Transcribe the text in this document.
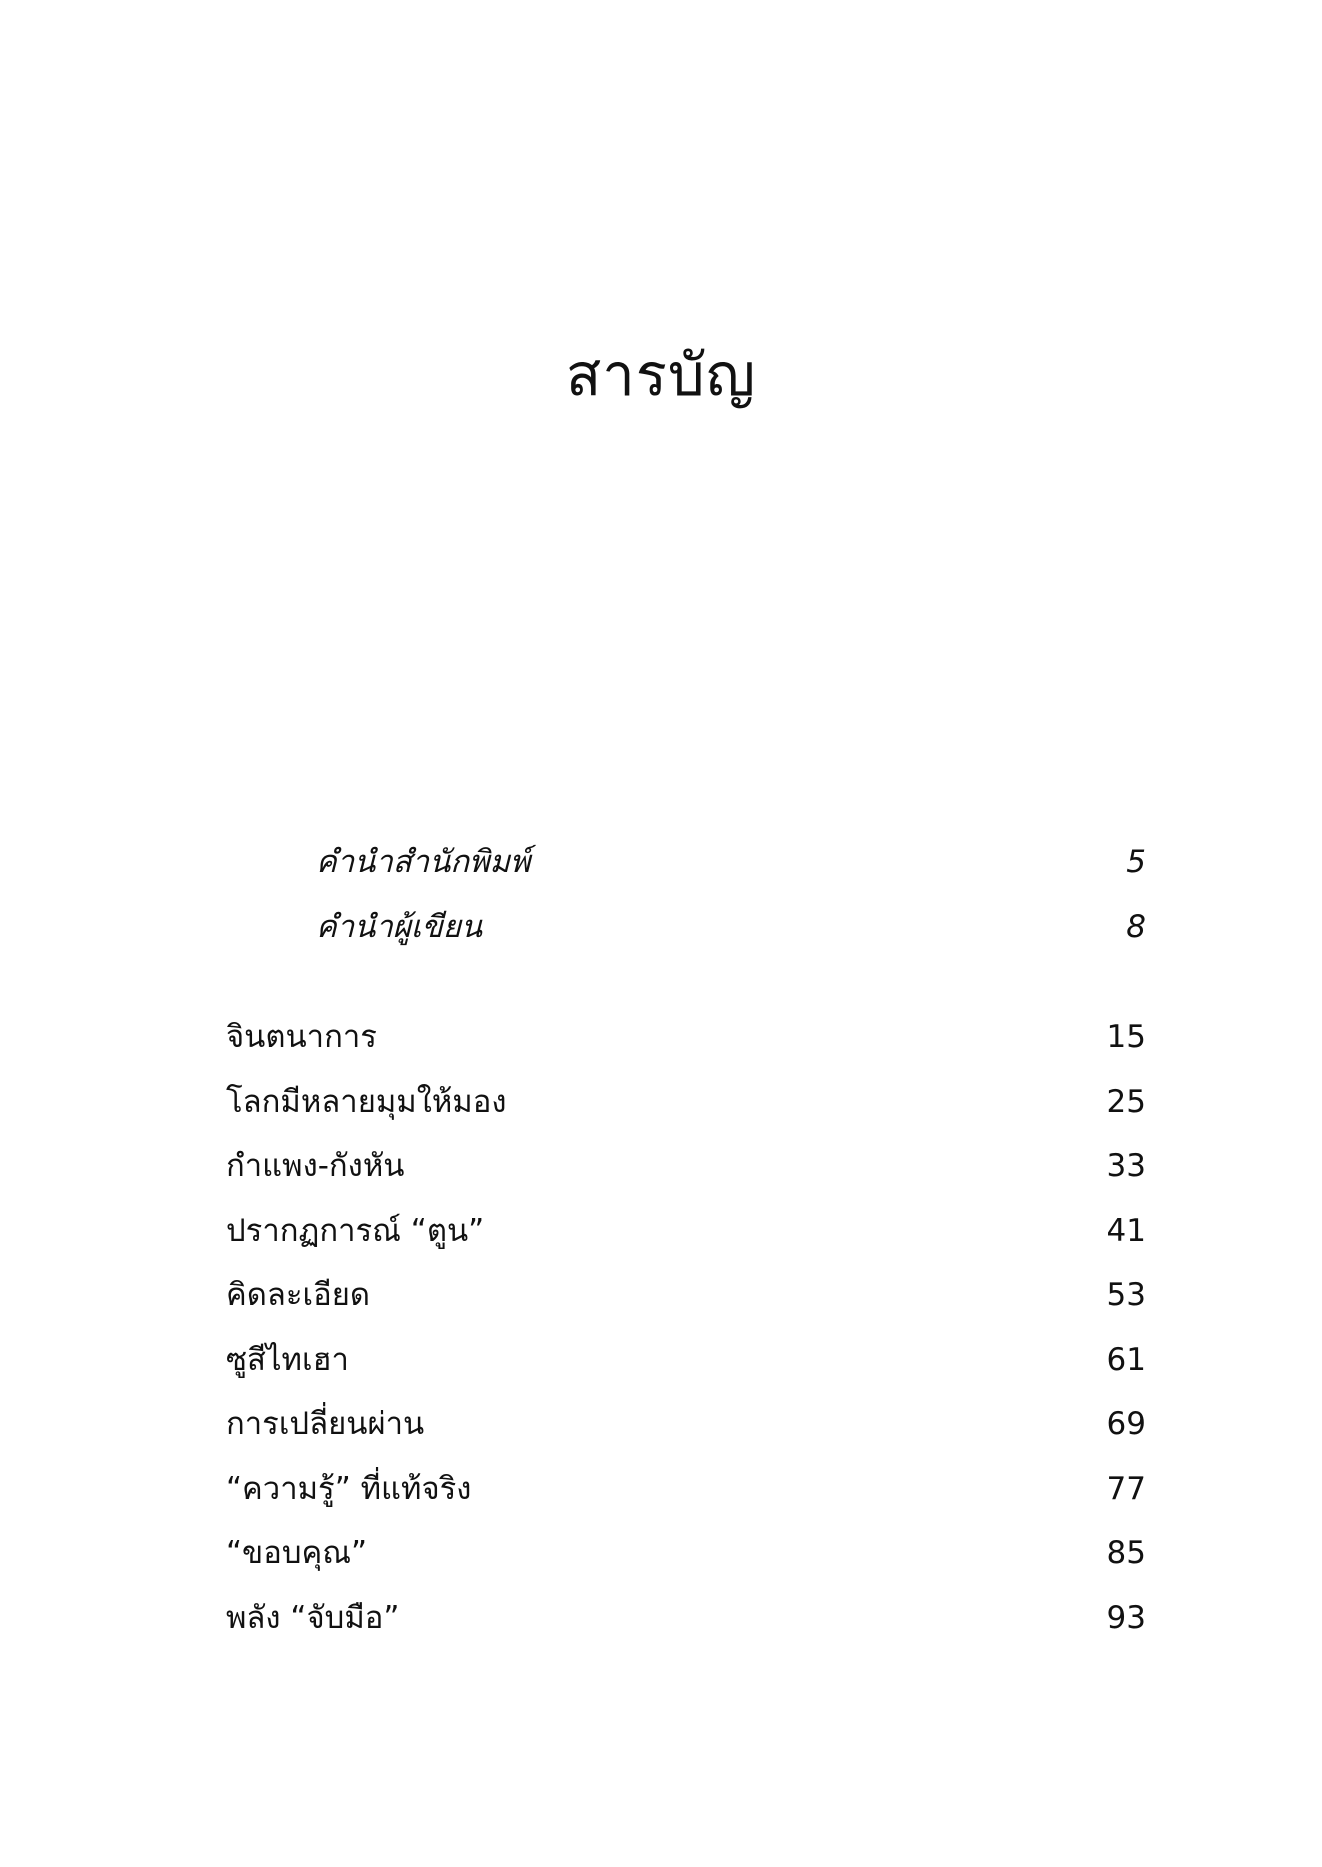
สารบัญ
คำนำสำนักพิมพ์	5
คำนำผู้เขียน	8
จินตนาการ	15
โลกมีหลายมุมให้มอง	25
กำแพง-กังหัน	33
ปรากฏการณ์ “ตูน”	41
คิดละเอียด	53
ซูสีไทเฮา	61
การเปลี่ยนผ่าน	69
“ความรู้” ที่แท้จริง	77
“ขอบคุณ”	85
พลัง “จับมือ”	93
